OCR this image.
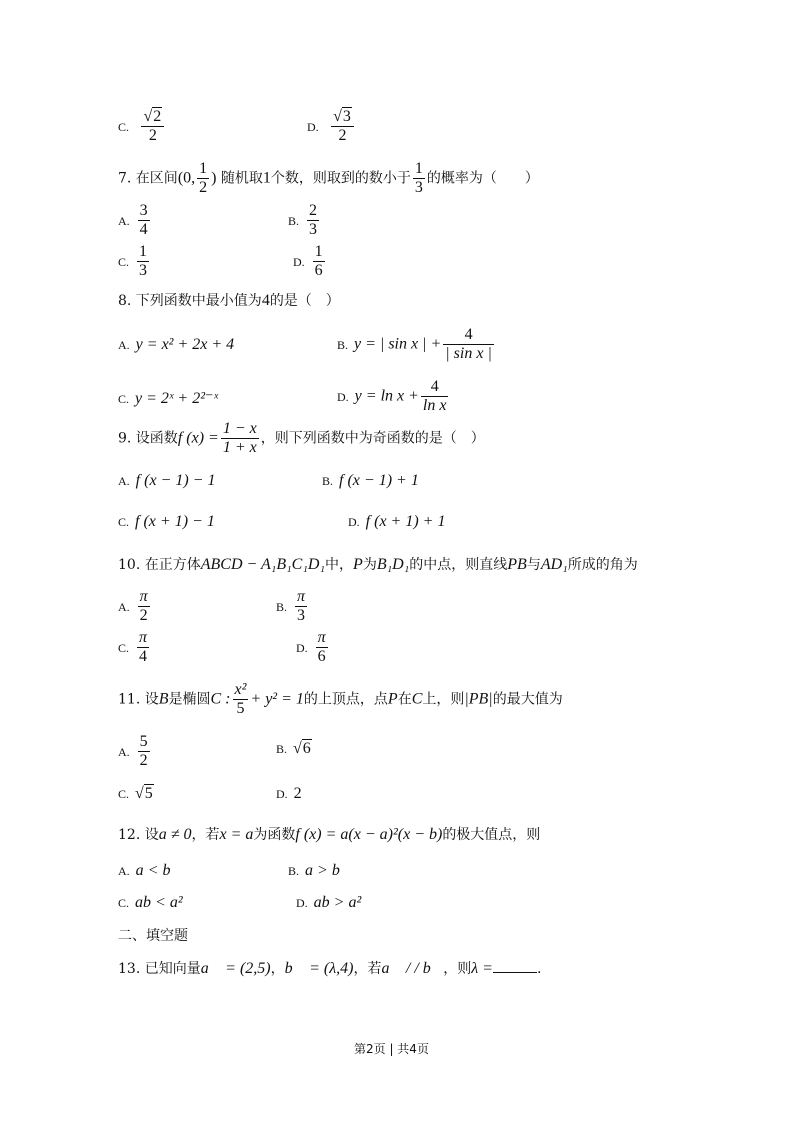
C. $\frac{√2}{2}$	D. $\frac{√3}{2}$
7. 在区间(0, $\frac{1}{2}$ ) 随机取1个数，则取到的数小于 $\frac{1}{3}$ 的概率为（　　）
A. $\frac{3}{4}$	B. $\frac{2}{3}$
C. $\frac{1}{3}$	D. $\frac{1}{6}$
8. 下列函数中最小值为4的是（　）
A. y = x² + 2x + 4	B. y = | sin x | + $\frac{4}{\text{| sin x |}}$
C. y = 2ˣ + 2²⁻ˣ	D. $y = \ln x + \frac{4}{\text{ln x}}$
9. 设函数f $(x) = \frac{1 - x}{1 + x}$ ，则下列函数中为奇函数的是（　）
A. f (x − 1) − 1	B. f (x − 1) + 1
C. f (x + 1) − 1	D. f (x + 1) + 1
10. 在正方体ABCD − A₁B₁C₁D₁中，P为B₁D₁的中点，则直线PB与AD₁所成的角为
A. $\frac{\pi}{2}$	B. $\frac{\pi}{3}$
C. $\frac{\pi}{4}$	D. $\frac{\pi}{6}$
11. 设B是椭圆C : $\frac{\text{x²}}{5} + y^2 = 1$的上顶点，点P在C上，则|PB|的最大值为
A. $\frac{5}{2}$	B. √6
C. √5	D. 2
12. 设a ≠ 0，若x = a为函数f (x) = a(x − a)²(x − b)的极大值点，则
A. a < b	B. a > b
C. ab < a²	D. ab > a²
二、填空题
13. 已知向量a⃗ = (2,5)，b⃗ = (λ,4)，若a⃗ / / b⃗，则λ =	.
第2页 | 共4页
